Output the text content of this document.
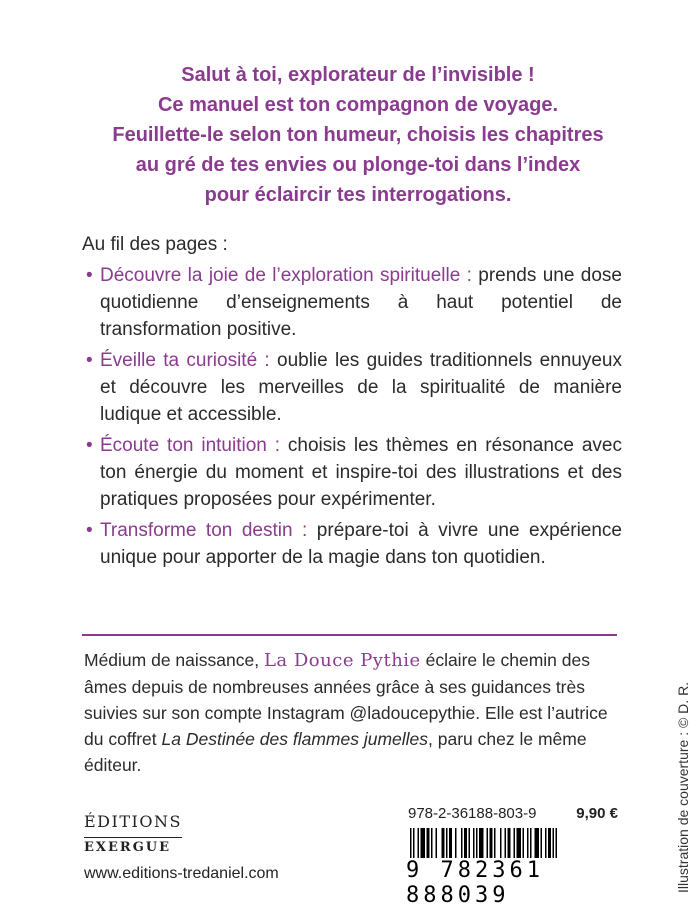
Salut à toi, explorateur de l’invisible !
Ce manuel est ton compagnon de voyage.
Feuillette-le selon ton humeur, choisis les chapitres
au gré de tes envies ou plonge-toi dans l’index
pour éclaircir tes interrogations.
Au fil des pages :
• Découvre la joie de l’exploration spirituelle : prends une dose quotidienne d’enseignements à haut potentiel de transformation positive.
• Éveille ta curiosité : oublie les guides traditionnels ennuyeux et découvre les merveilles de la spiritualité de manière ludique et accessible.
• Écoute ton intuition : choisis les thèmes en résonance avec ton énergie du moment et inspire-toi des illustrations et des pratiques proposées pour expérimenter.
• Transforme ton destin : prépare-toi à vivre une expérience unique pour apporter de la magie dans ton quotidien.
Médium de naissance, La Douce Pythie éclaire le chemin des âmes depuis de nombreuses années grâce à ses guidances très suivies sur son compte Instagram @ladoucepythie. Elle est l’autrice du coffret La Destinée des flammes jumelles, paru chez le même éditeur.	Illustration de couverture : © D. R.
ÉDITIONS
EXERGUE
www.editions-tredaniel.com
978-2-36188-803-9	9,90 €
9 782361 888039
